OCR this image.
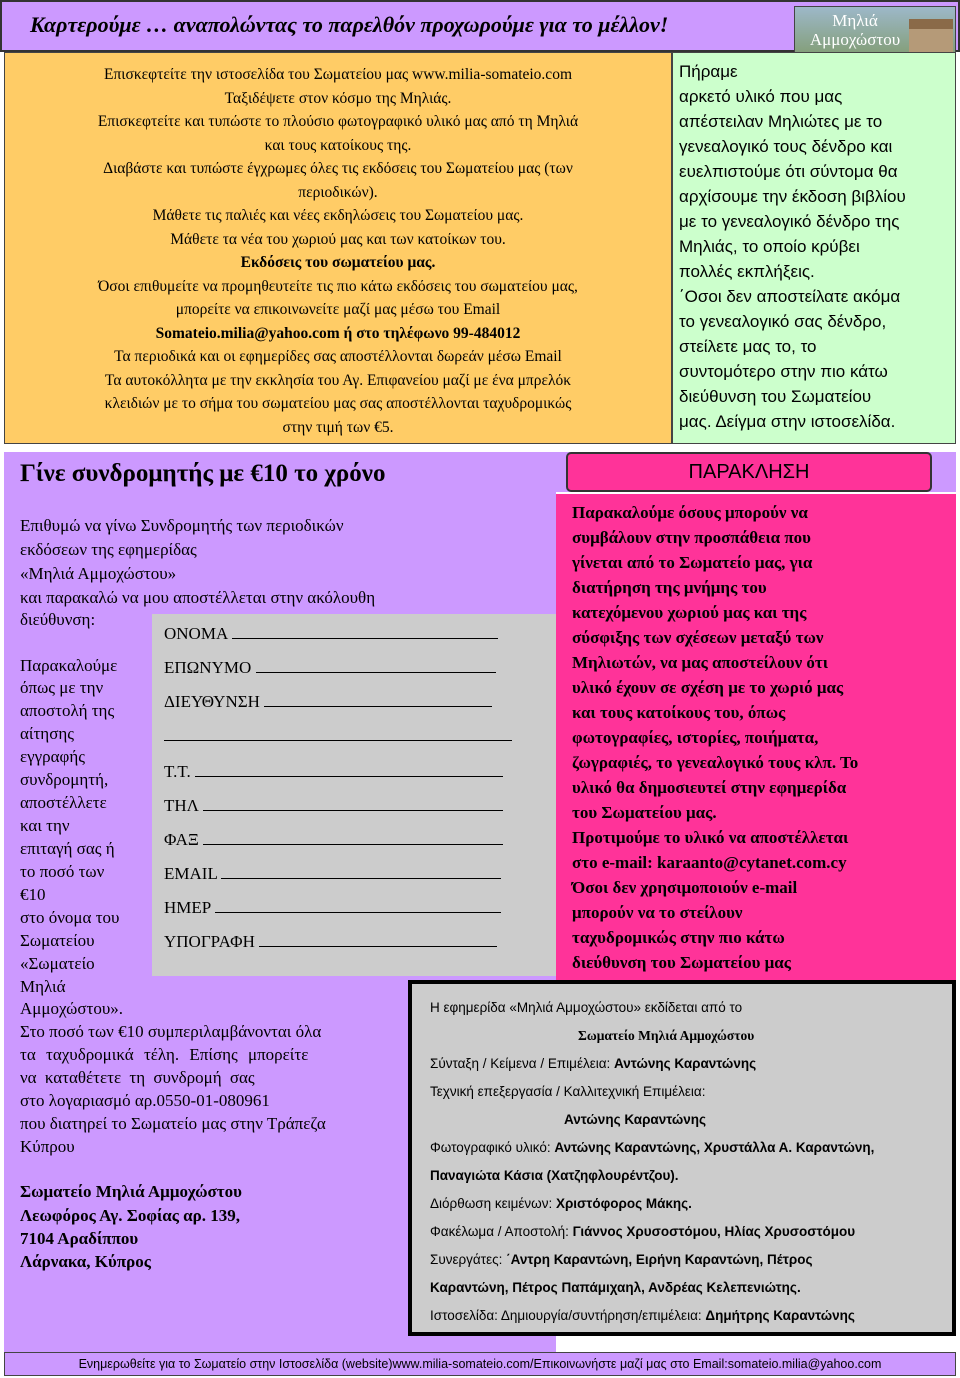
Καρτερούμε … αναπολώντας το παρελθόν προχωρούμε για το μέλλον!	Μηλιά Αμμοχώστου
Επισκεφτείτε την ιστοσελίδα του Σωματείου μας www.milia-somateio.com
Ταξιδέψετε στον κόσμο της Μηλιάς.
Επισκεφτείτε και τυπώστε το πλούσιο φωτογραφικό υλικό μας από τη Μηλιά
και τους κατοίκους της.
Διαβάστε και τυπώστε έγχρωμες όλες τις εκδόσεις του Σωματείου μας (των
περιοδικών).
Μάθετε τις παλιές και νέες εκδηλώσεις του Σωματείου μας.
Μάθετε τα νέα του χωριού μας και των κατοίκων του.
Εκδόσεις του σωματείου μας.
Όσοι επιθυμείτε να προμηθευτείτε τις πιο κάτω εκδόσεις του σωματείου μας,
μπορείτε να επικοινωνείτε μαζί μας μέσω του Email
Somateio.milia@yahoo.com ή στο τηλέφωνο 99-484012
Τα περιοδικά και οι εφημερίδες σας αποστέλλονται δωρεάν μέσω Email
Τα αυτοκόλλητα με την εκκλησία του Αγ. Επιφανείου μαζί με ένα μπρελόκ
κλειδιών με το σήμα του σωματείου μας σας αποστέλλονται ταχυδρομικώς
στην τιμή των €5.
Πήραμε
αρκετό υλικό που μας
απέστειλαν Μηλιώτες με το
γενεαλογικό τους δένδρο και
ευελπιστούμε ότι σύντομα θα
αρχίσουμε την έκδοση βιβλίου
με το γενεαλογικό δένδρο της
Μηλιάς, το οποίο κρύβει
πολλές εκπλήξεις.
΄Οσοι δεν αποστείλατε ακόμα
το γενεαλογικό σας δένδρο,
στείλετε μας το, το
συντομότερο στην πιο κάτω
διεύθυνση του Σωματείου
μας. Δείγμα στην ιστοσελίδα.
ΠΑΡΑΚΛΗΣΗ
Γίνε συνδρομητής με €10 το χρόνο
Επιθυμώ να γίνω Συνδρομητής των περιοδικών
εκδόσεων της εφημερίδας
«Μηλιά Αμμοχώστου»
και παρακαλώ να μου αποστέλλεται στην ακόλουθη
διεύθυνση:
ΟΝΟΜΑ
ΕΠΩΝΥΜΟ
ΔΙΕΥΘΥΝΣΗ
Τ.Τ.
ΤΗΛ
ΦΑΞ
EMAIL
ΗΜΕΡ
ΥΠΟΓΡΑΦΗ
Παρακαλούμε
όπως με την
αποστολή της
αίτησης
εγγραφής
συνδρομητή,
αποστέλλετε
και την
επιταγή σας ή
το ποσό των
€10
στο όνομα του
Σωματείου
«Σωματείο
Μηλιά
Αμμοχώστου».
Στο ποσό των €10 συμπεριλαμβάνονται όλα
τα ταχυδρομικά τέλη. Επίσης μπορείτε
να καταθέτετε τη συνδρομή σας
στο λογαριασμό αρ.0550-01-080961
που διατηρεί το Σωματείο μας στην Τράπεζα
Κύπρου
Σωματείο Μηλιά Αμμοχώστου
Λεωφόρος Αγ. Σοφίας αρ. 139,
7104 Αραδίππου
Λάρνακα, Κύπρος
Παρακαλούμε όσους μπορούν να
συμβάλουν στην προσπάθεια που
γίνεται από το Σωματείο μας, για
διατήρηση της μνήμης του
κατεχόμενου χωριού μας και της
σύσφιξης των σχέσεων μεταξύ των
Μηλιωτών, να μας αποστείλουν ότι
υλικό έχουν σε σχέση με το χωριό μας
και τους κατοίκους του, όπως
φωτογραφίες, ιστορίες, ποιήματα,
ζωγραφιές, το γενεαλογικό τους κλπ. Το
υλικό θα δημοσιευτεί στην εφημερίδα
του Σωματείου μας.
Προτιμούμε το υλικό να αποστέλλεται
στο e-mail: karaanto@cytanet.com.cy
Όσοι δεν χρησιμοποιούν e-mail
μπορούν να το στείλουν
ταχυδρομικώς στην πιο κάτω
διεύθυνση του Σωματείου μας
Η εφημερίδα «Μηλιά Αμμοχώστου» εκδίδεται από το
Σωματείο Μηλιά Αμμοχώστου
Σύνταξη / Κείμενα / Επιμέλεια: Αντώνης Καραντώνης
Τεχνική επεξεργασία / Καλλιτεχνική Επιμέλεια:
Αντώνης Καραντώνης
Φωτογραφικό υλικό: Αντώνης Καραντώνης, Χρυστάλλα Α. Καραντώνη,
Παναγιώτα Κάσια (Χατζηφλουρέντζου).
Διόρθωση κειμένων: Χριστόφορος Μάκης.
Φακέλωμα / Αποστολή: Γιάννος Χρυσοστόμου, Ηλίας Χρυσοστόμου
Συνεργάτες: ΄Αντρη Καραντώνη, Ειρήνη Καραντώνη, Πέτρος
Καραντώνη, Πέτρος Παπάμιχαηλ, Ανδρέας Κελεπενιώτης.
Ιστοσελίδα: Δημιουργία/συντήρηση/επιμέλεια: Δημήτρης Καραντώνης
Ενημερωθείτε για το Σωματείο στην Ιστοσελίδα (website)www.milia-somateio.com/Επικοινωνήστε μαζί μας στο Email:somateio.milia@yahoo.com
